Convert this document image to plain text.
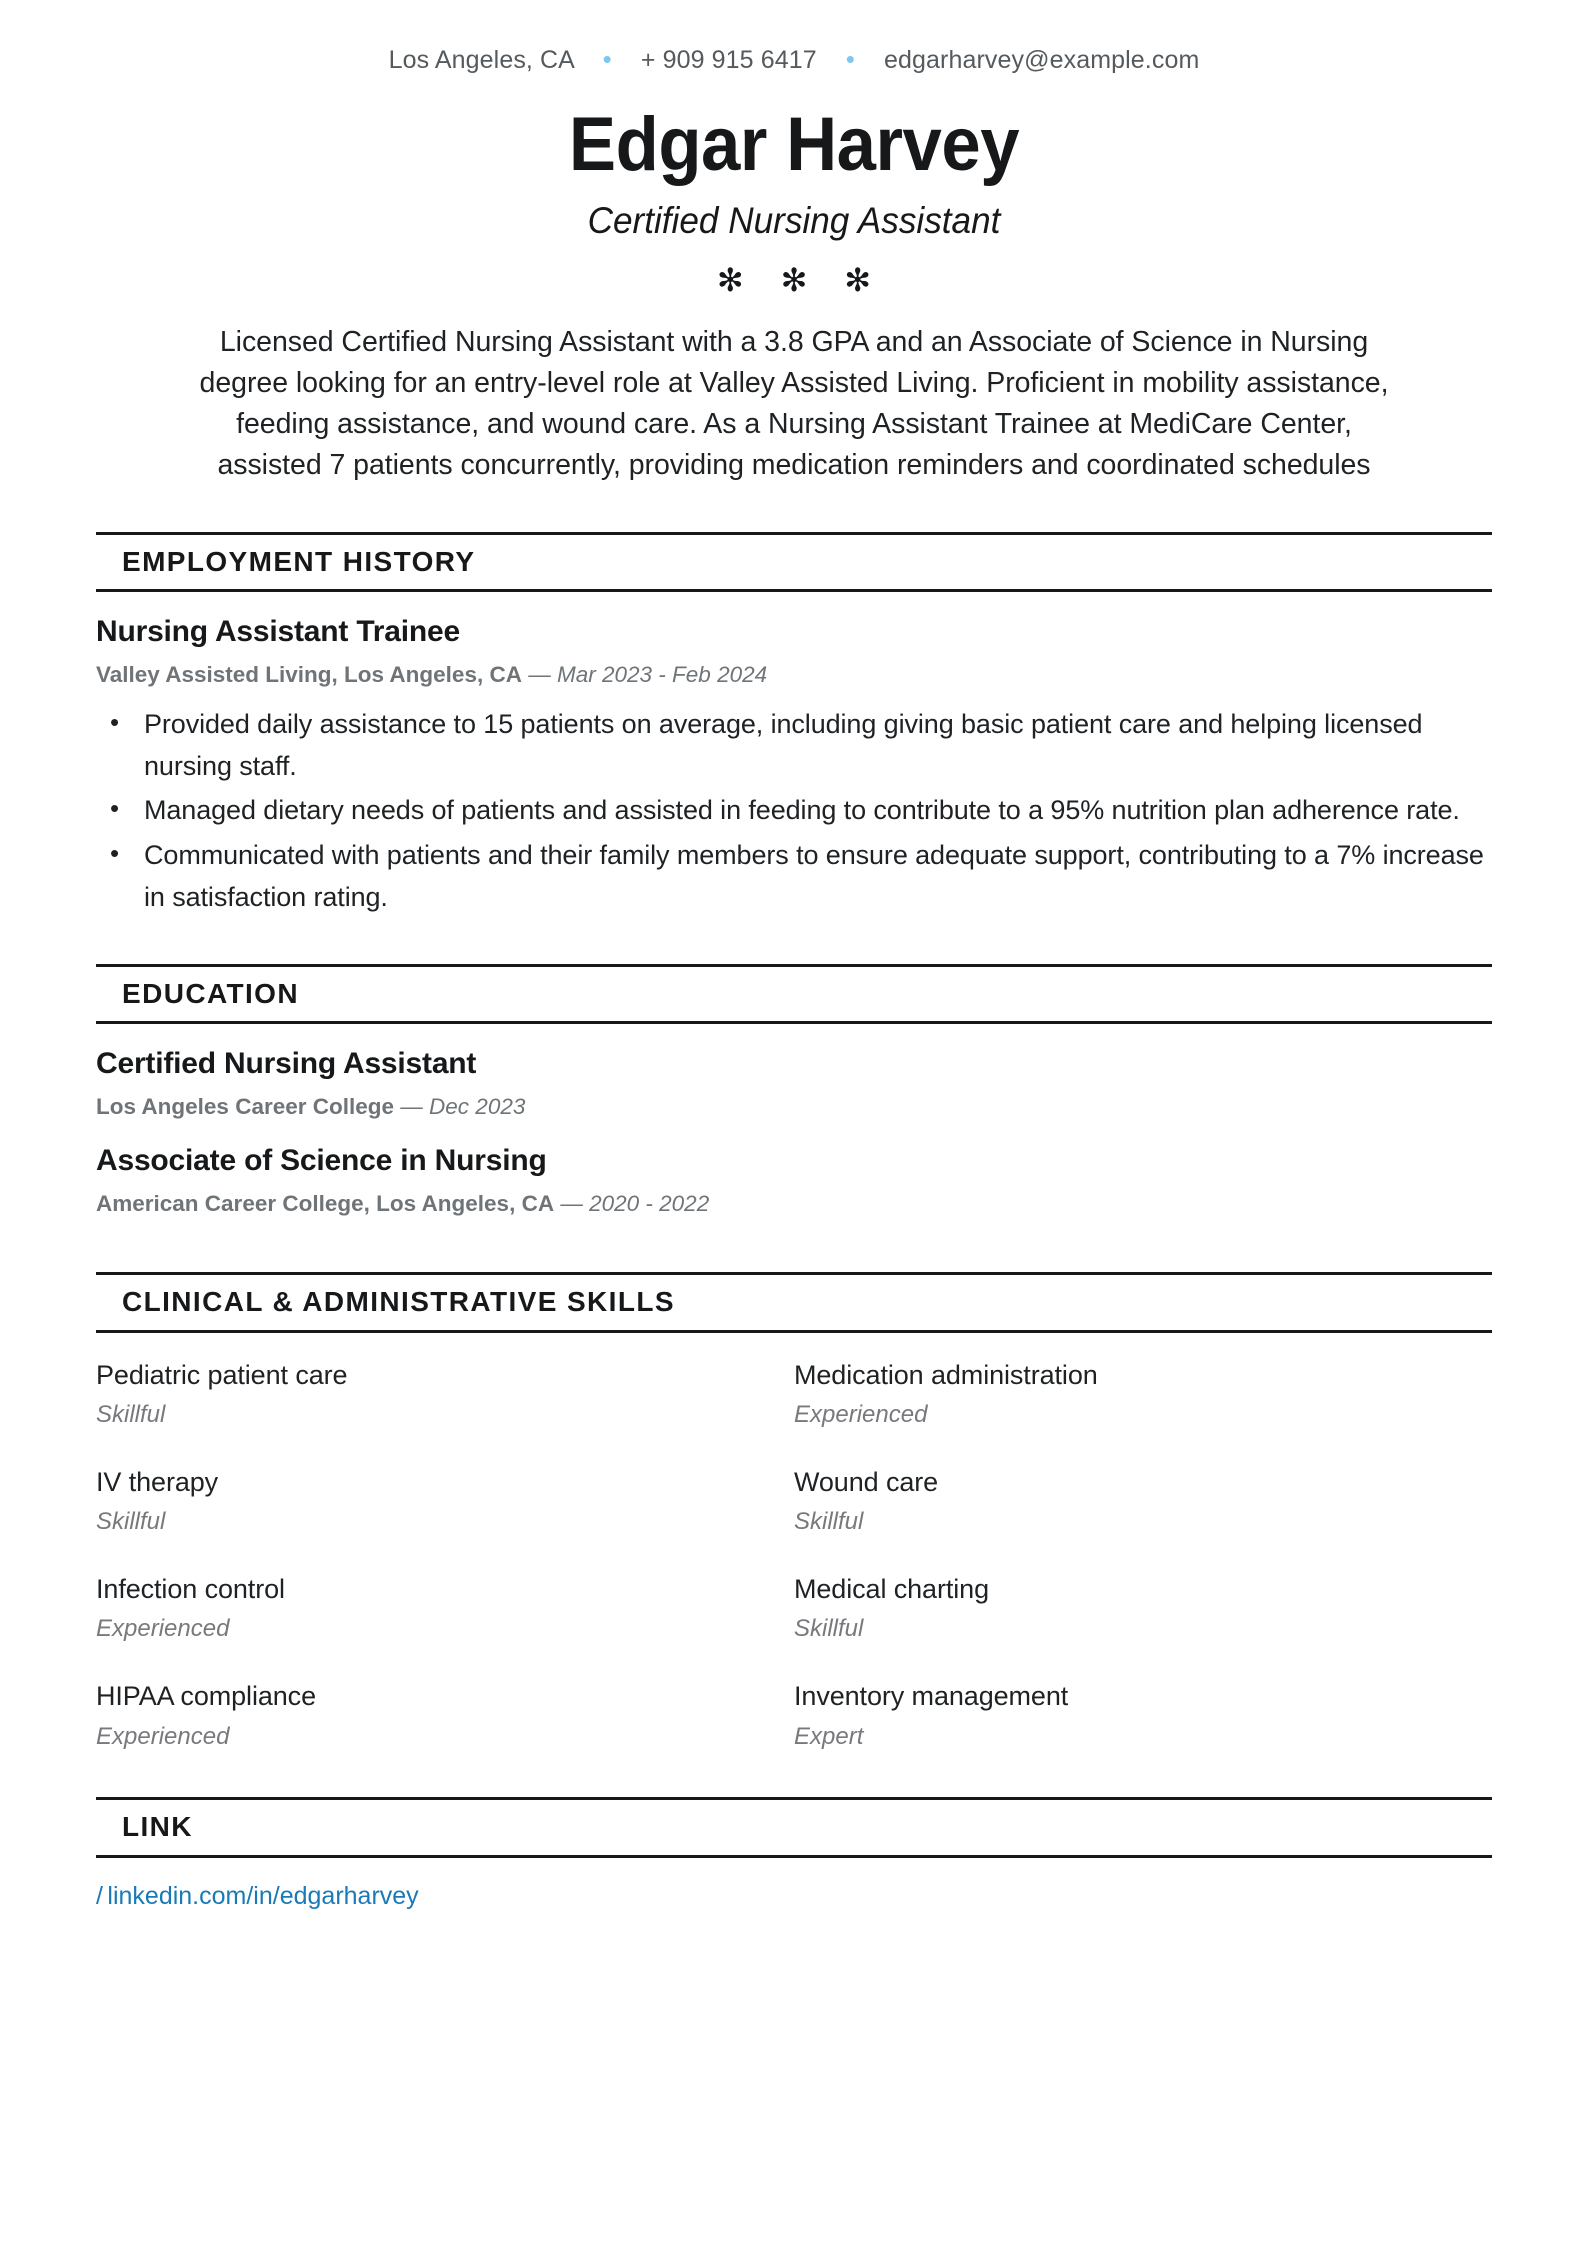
Los Angeles, CA • + 909 915 6417 • edgarharvey@example.com
Edgar Harvey
Certified Nursing Assistant
✻ ✻ ✻
Licensed Certified Nursing Assistant with a 3.8 GPA and an Associate of Science in Nursing degree looking for an entry-level role at Valley Assisted Living. Proficient in mobility assistance, feeding assistance, and wound care. As a Nursing Assistant Trainee at MediCare Center, assisted 7 patients concurrently, providing medication reminders and coordinated schedules
EMPLOYMENT HISTORY
Nursing Assistant Trainee
Valley Assisted Living, Los Angeles, CA — Mar 2023 - Feb 2024
• Provided daily assistance to 15 patients on average, including giving basic patient care and helping licensed nursing staff.
• Managed dietary needs of patients and assisted in feeding to contribute to a 95% nutrition plan adherence rate.
• Communicated with patients and their family members to ensure adequate support, contributing to a 7% increase in satisfaction rating.
EDUCATION
Certified Nursing Assistant
Los Angeles Career College — Dec 2023
Associate of Science in Nursing
American Career College, Los Angeles, CA — 2020 - 2022
CLINICAL & ADMINISTRATIVE SKILLS
Pediatric patient care
Skillful
Medication administration
Experienced
IV therapy
Skillful
Wound care
Skillful
Infection control
Experienced
Medical charting
Skillful
HIPAA compliance
Experienced
Inventory management
Expert
LINK
/ linkedin.com/in/edgarharvey
